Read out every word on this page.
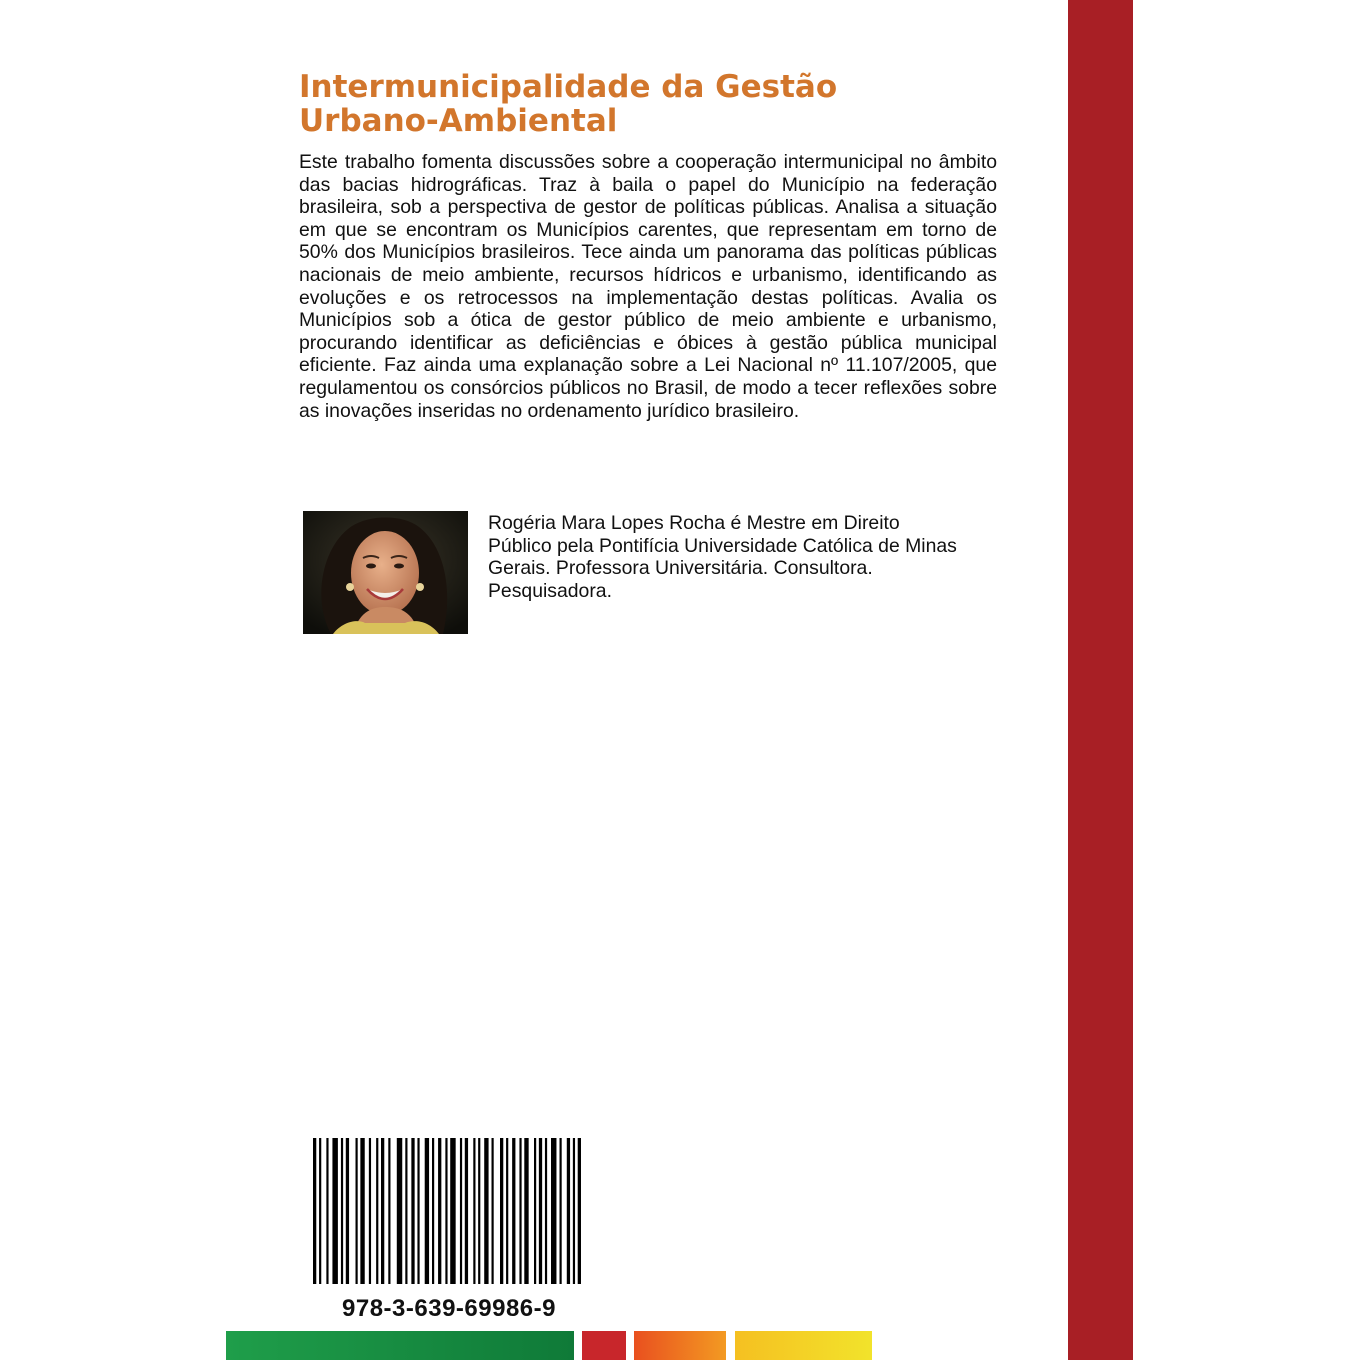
Intermunicipalidade da Gestão
Urbano-Ambiental

Este trabalho fomenta discussões sobre a cooperação intermunicipal no âmbito das bacias hidrográficas. Traz à baila o papel do Município na federação brasileira, sob a perspectiva de gestor de políticas públicas. Analisa a situação em que se encontram os Municípios carentes, que representam em torno de 50% dos Municípios brasileiros. Tece ainda um panorama das políticas públicas nacionais de meio ambiente, recursos hídricos e urbanismo, identificando as evoluções e os retrocessos na implementação destas políticas. Avalia os Municípios sob a ótica de gestor público de meio ambiente e urbanismo, procurando identificar as deficiências e óbices à gestão pública municipal eficiente. Faz ainda uma explanação sobre a Lei Nacional nº 11.107/2005, que regulamentou os consórcios públicos no Brasil, de modo a tecer reflexões sobre as inovações inseridas no ordenamento jurídico brasileiro.

Rogéria Mara Lopes Rocha é Mestre em Direito
Público pela Pontifícia Universidade Católica de Minas
Gerais. Professora Universitária. Consultora.
Pesquisadora.

978-3-639-69986-9
